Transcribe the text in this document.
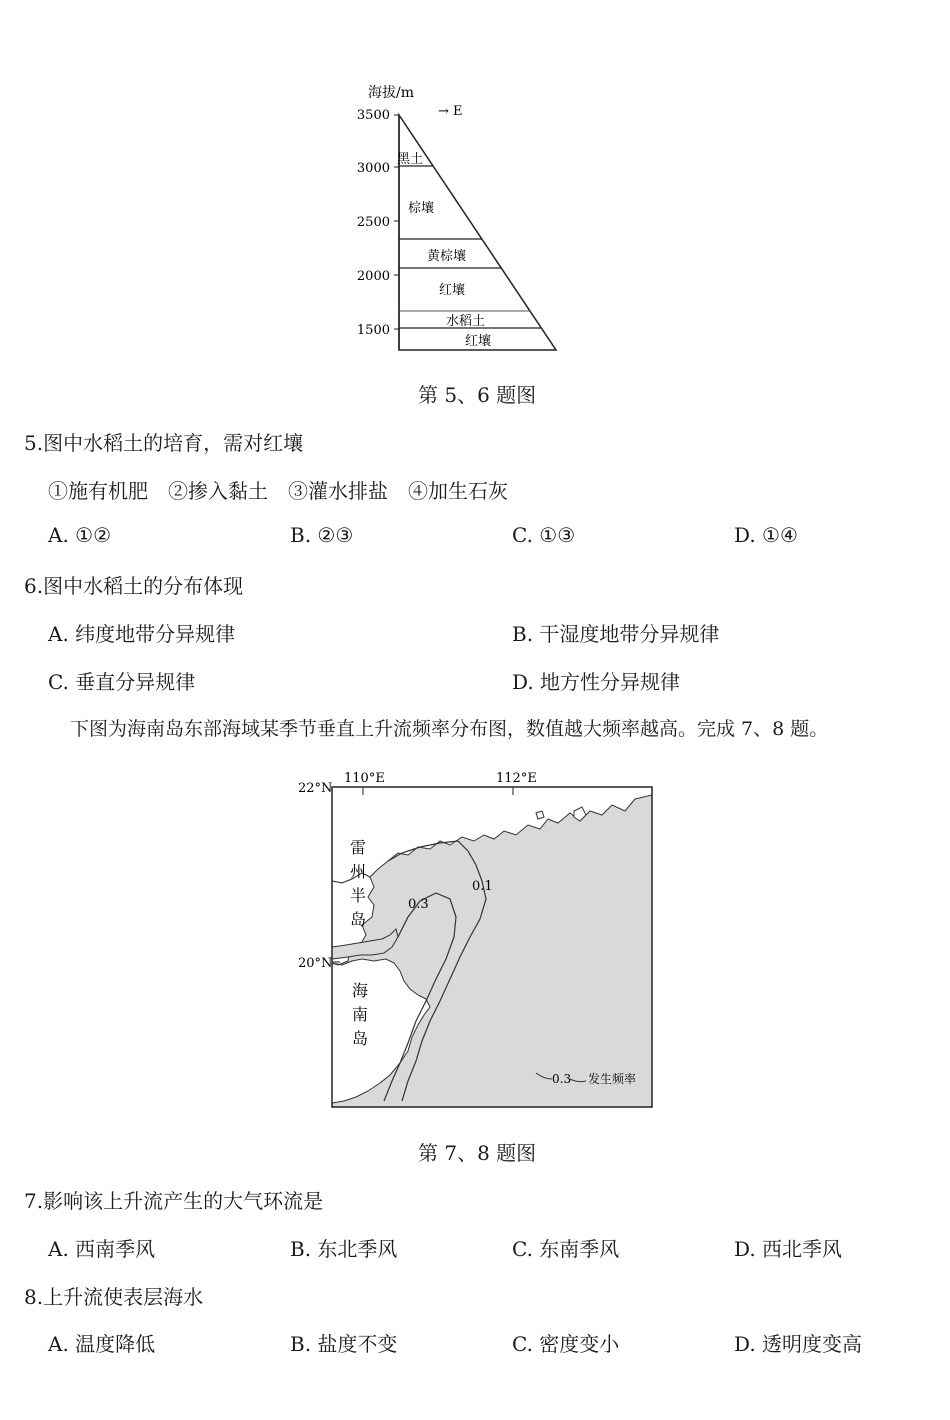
海拔/m
→ E
3500
3000
2500
2000
1500
黑土
棕壤
黄棕壤
红壤
水稻土
红壤
第 5、6 题图
5.图中水稻土的培育，需对红壤
①施有机肥　②掺入黏土　③灌水排盐　④加生石灰
A. ①②	B. ②③	C. ①③	D. ①④
6.图中水稻土的分布体现
A. 纬度地带分异规律	B. 干湿度地带分异规律
C. 垂直分异规律	D. 地方性分异规律
下图为海南岛东部海域某季节垂直上升流频率分布图，数值越大频率越高。完成 7、8 题。
110°E	112°E
22°N
20°N
雷
州
半
岛
海
南
岛
0.1
0.3
0.3 发生频率
第 7、8 题图
7.影响该上升流产生的大气环流是
A. 西南季风	B. 东北季风	C. 东南季风	D. 西北季风
8.上升流使表层海水
A. 温度降低	B. 盐度不变	C. 密度变小	D. 透明度变高
